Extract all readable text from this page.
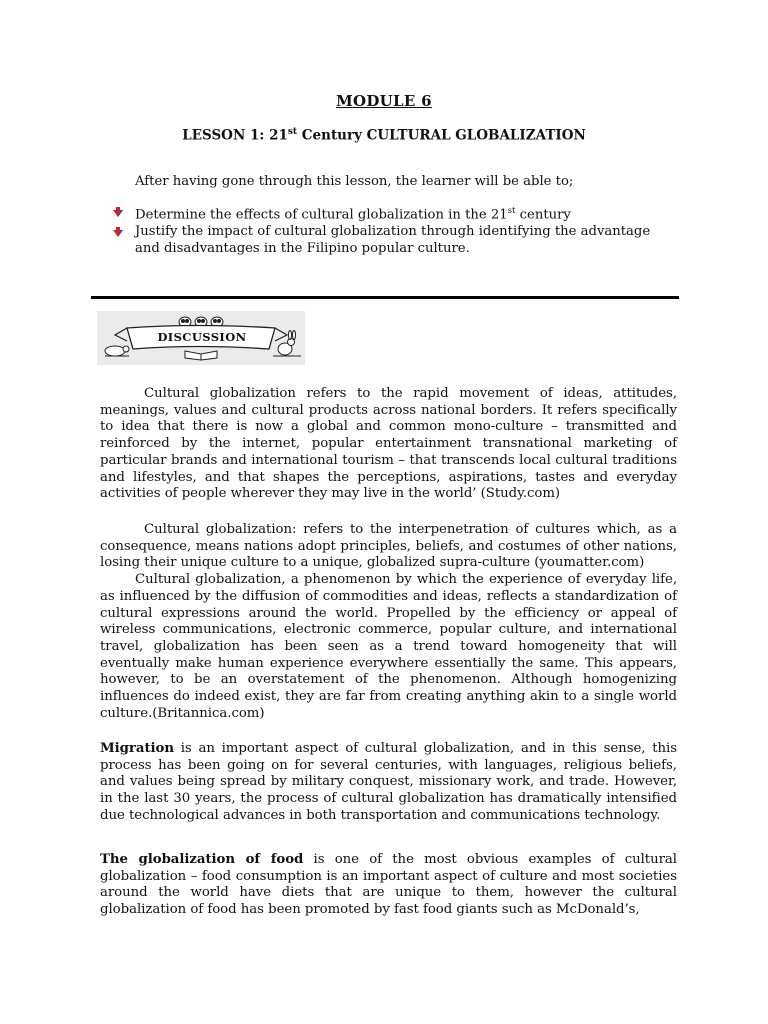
MODULE 6
LESSON 1: 21st Century CULTURAL GLOBALIZATION
After having gone through this lesson, the learner will be able to;
Determine the effects of cultural globalization in the 21st century
Justify the impact of cultural globalization through identifying the advantage and disadvantages in the Filipino popular culture.
DISCUSSION

Cultural globalization refers to the rapid movement of ideas, attitudes, meanings, values and cultural products across national borders. It refers specifically to idea that there is now a global and common mono-culture – transmitted and reinforced by the internet, popular entertainment transnational marketing of particular brands and international tourism – that transcends local cultural traditions and lifestyles, and that shapes the perceptions, aspirations, tastes and everyday activities of people wherever they may live in the world’ (Study.com)

Cultural globalization: refers to the interpenetration of cultures which, as a consequence, means nations adopt principles, beliefs, and costumes of other nations, losing their unique culture to a unique, globalized supra-culture (youmatter.com)
Cultural globalization, a phenomenon by which the experience of everyday life, as influenced by the diffusion of commodities and ideas, reflects a standardization of cultural expressions around the world. Propelled by the efficiency or appeal of wireless communications, electronic commerce, popular culture, and international travel, globalization has been seen as a trend toward homogeneity that will eventually make human experience everywhere essentially the same. This appears, however, to be an overstatement of the phenomenon. Although homogenizing influences do indeed exist, they are far from creating anything akin to a single world culture.(Britannica.com)

Migration is an important aspect of cultural globalization, and in this sense, this process has been going on for several centuries, with languages, religious beliefs, and values being spread by military conquest, missionary work, and trade. However, in the last 30 years, the process of cultural globalization has dramatically intensified due technological advances in both transportation and communications technology.

The globalization of food is one of the most obvious examples of cultural globalization – food consumption is an important aspect of culture and most societies around the world have diets that are unique to them, however the cultural globalization of food has been promoted by fast food giants such as McDonald’s,
